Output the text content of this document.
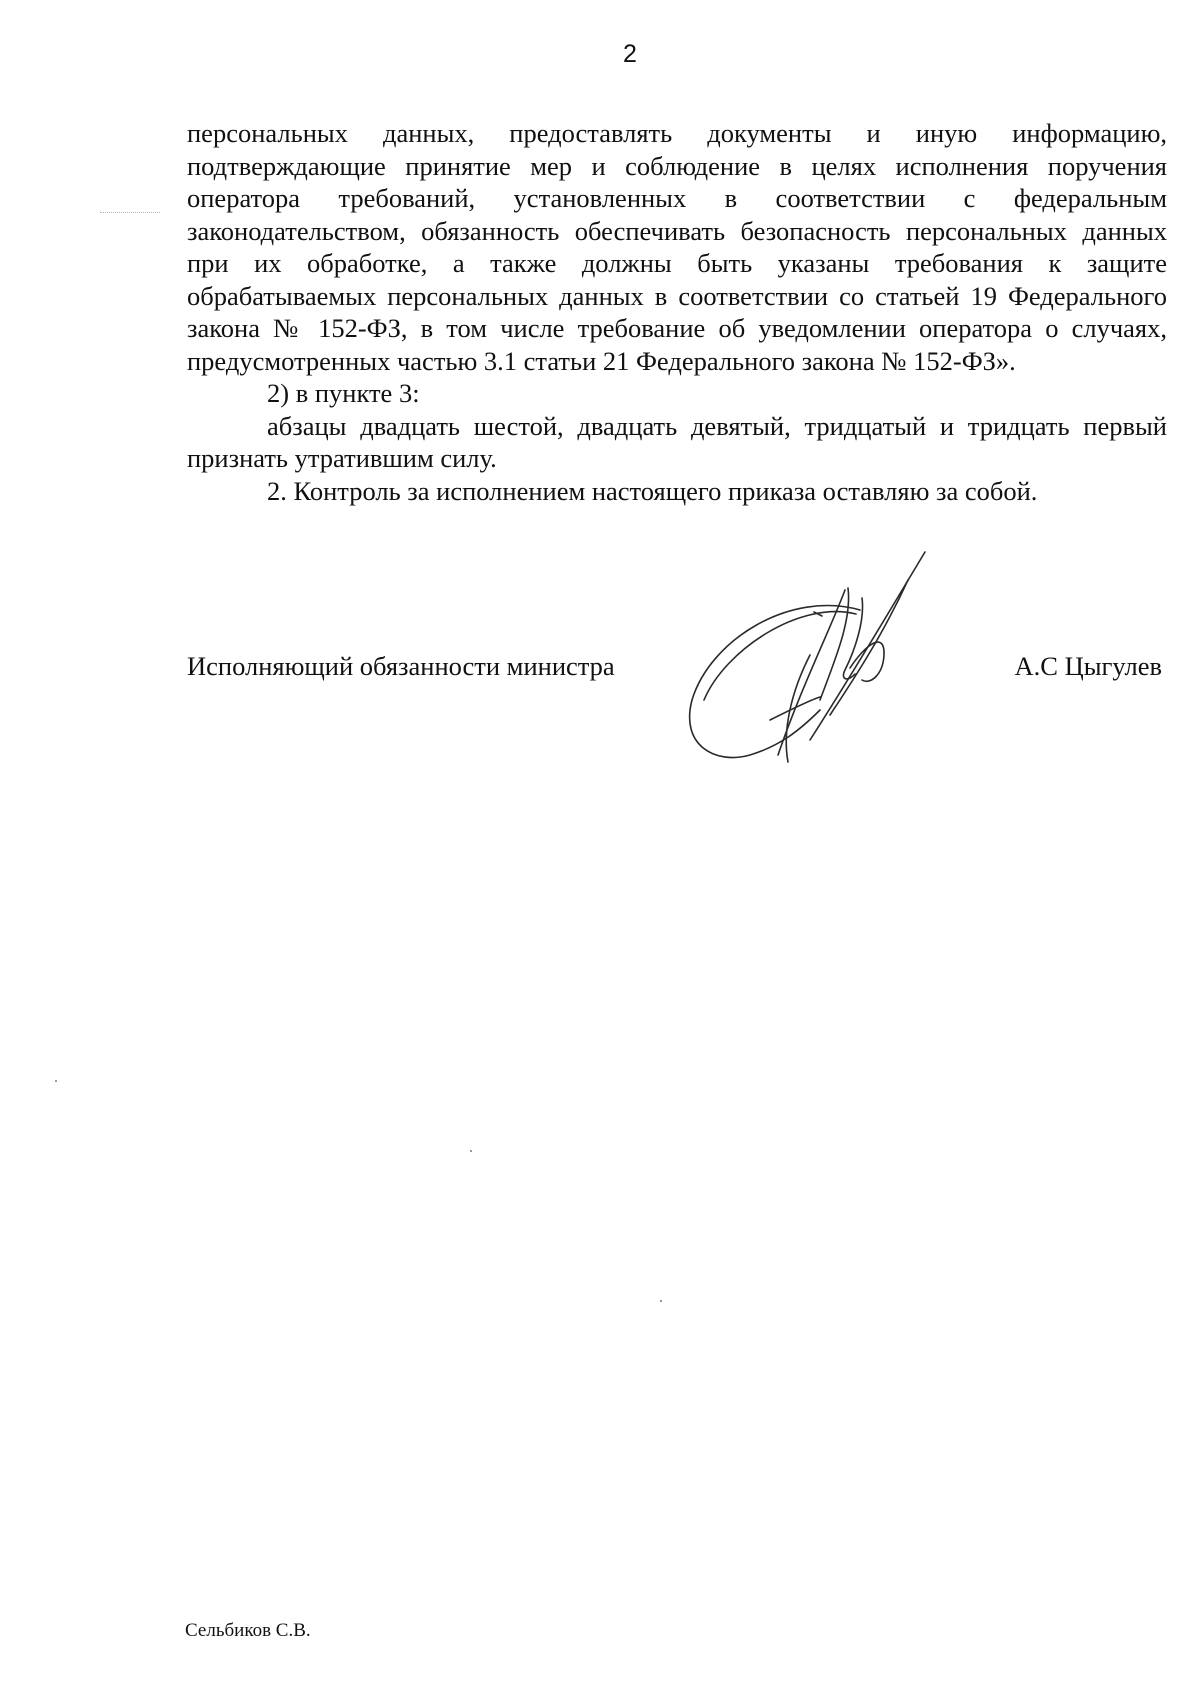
2

персональных данных, предоставлять документы и иную информацию, подтверждающие принятие мер и соблюдение в целях исполнения поручения оператора требований, установленных в соответствии с федеральным законодательством, обязанность обеспечивать безопасность персональных данных при их обработке, а также должны быть указаны требования к защите обрабатываемых персональных данных в соответствии со статьей 19 Федерального закона № 152-ФЗ, в том числе требование об уведомлении оператора о случаях, предусмотренных частью 3.1 статьи 21 Федерального закона № 152-ФЗ».

2) в пункте 3:

абзацы двадцать шестой, двадцать девятый, тридцатый и тридцать первый признать утратившим силу.

2. Контроль за исполнением настоящего приказа оставляю за собой.

Исполняющий обязанности министра	А.С Цыгулев
Сельбиков С.В.
